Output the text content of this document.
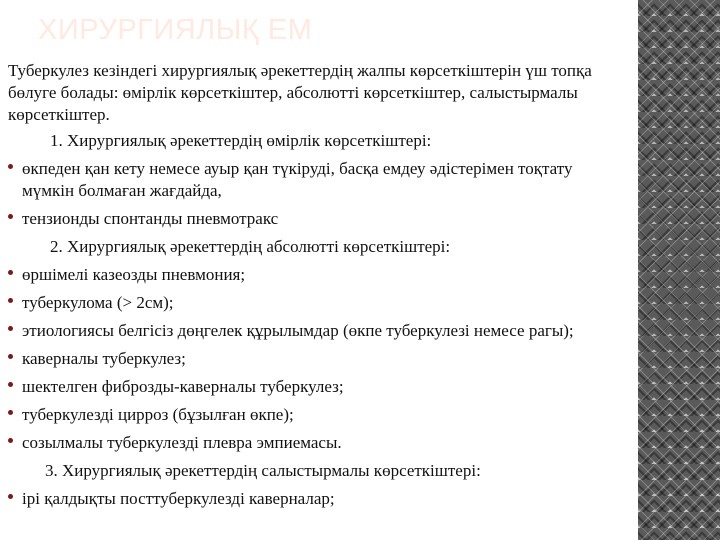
ХИРУРГИЯЛЫҚ ЕМ
Туберкулез кезіндегі хирургиялық әрекеттердің жалпы көрсеткіштерін үш топқа бөлуге болады: өмірлік көрсеткіштер, абсолютті көрсеткіштер, салыстырмалы көрсеткіштер.
1. Хирургиялық әрекеттердің өмірлік көрсеткіштері:
өкпеден қан кету немесе ауыр қан түкіруді, басқа емдеу әдістерімен тоқтату мүмкін болмаған жағдайда,
тензионды спонтанды пневмотракс
2. Хирургиялық әрекеттердің абсолютті көрсеткіштері:
өршімелі казеозды пневмония;
туберкулома (> 2см);
этиологиясы белгісіз дөңгелек құрылымдар (өкпе туберкулезі немесе рагы);
каверналы туберкулез;
шектелген фиброзды-каверналы туберкулез;
туберкулезді цирроз (бұзылған өкпе);
созылмалы туберкулезді плевра эмпиемасы.
3. Хирургиялық әрекеттердің салыстырмалы көрсеткіштері:
ірі қалдықты посттуберкулезді каверналар;
